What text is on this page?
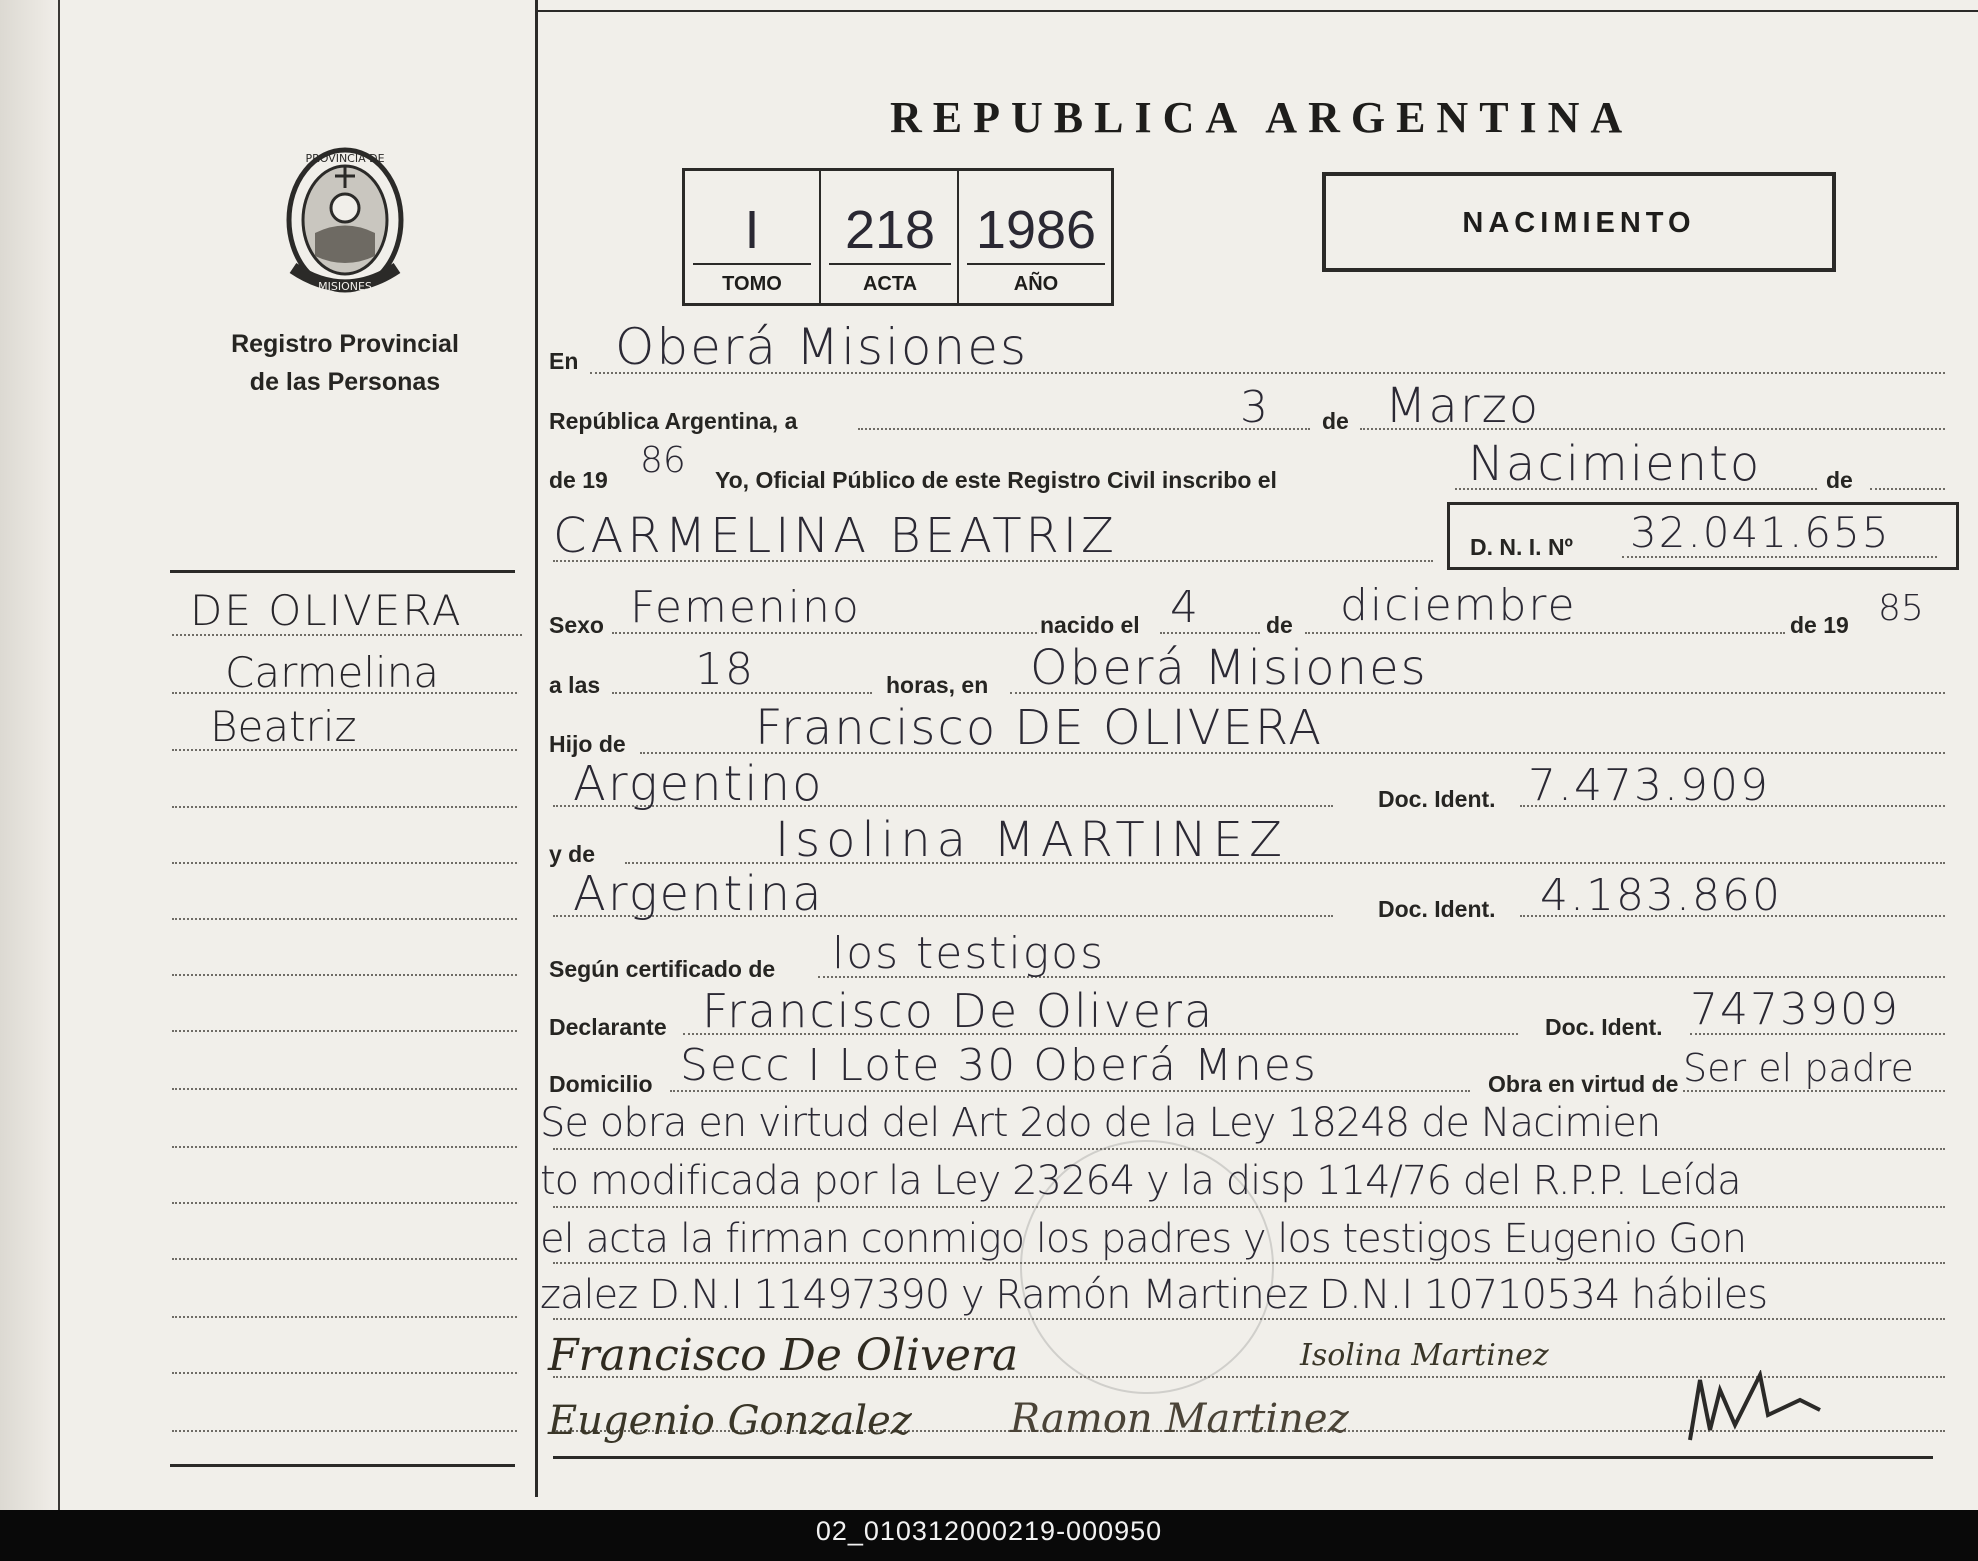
PROVINCIA DE
MISIONES
Registro Provincial
de las Personas
DE OLIVERA
Carmelina
Beatriz
REPUBLICA ARGENTINA
I
TOMO
218
ACTA
1986
AÑO
NACIMIENTO
En Oberá Misiones
República Argentina, a	3 de Marzo
de 19 86 Yo, Oficial Público de este Registro Civil inscribo el	Nacimiento	de
CARMELINA BEATRIZ	D. N. I. Nº 32.041.655
Sexo Femenino	nacido el 4	de diciembre	de 19 85
a las 18	horas, en Oberá Misiones
Hijo de	Francisco DE OLIVERA
Argentino	Doc. Ident. 7.473.909
y de	Isolina MARTINEZ
Argentina	Doc. Ident. 4.183.860
Según certificado de los testigos
Declarante Francisco De Olivera	Doc. Ident. 7473909
Domicilio Secc I Lote 30 Oberá Mnes	Obra en virtud de Ser el padre
Se obra en virtud del Art 2do de la Ley 18248 de Nacimien
to modificada por la Ley 23264 y la disp 114/76 del R.P.P. Leída
el acta la firman conmigo los padres y los testigos Eugenio Gon
zalez D.N.I 11497390 y Ramón Martinez D.N.I 10710534 hábiles
Francisco De Olivera	Isolina Martinez
Eugenio Gonzalez Ramon Martinez
02_010312000219-000950
